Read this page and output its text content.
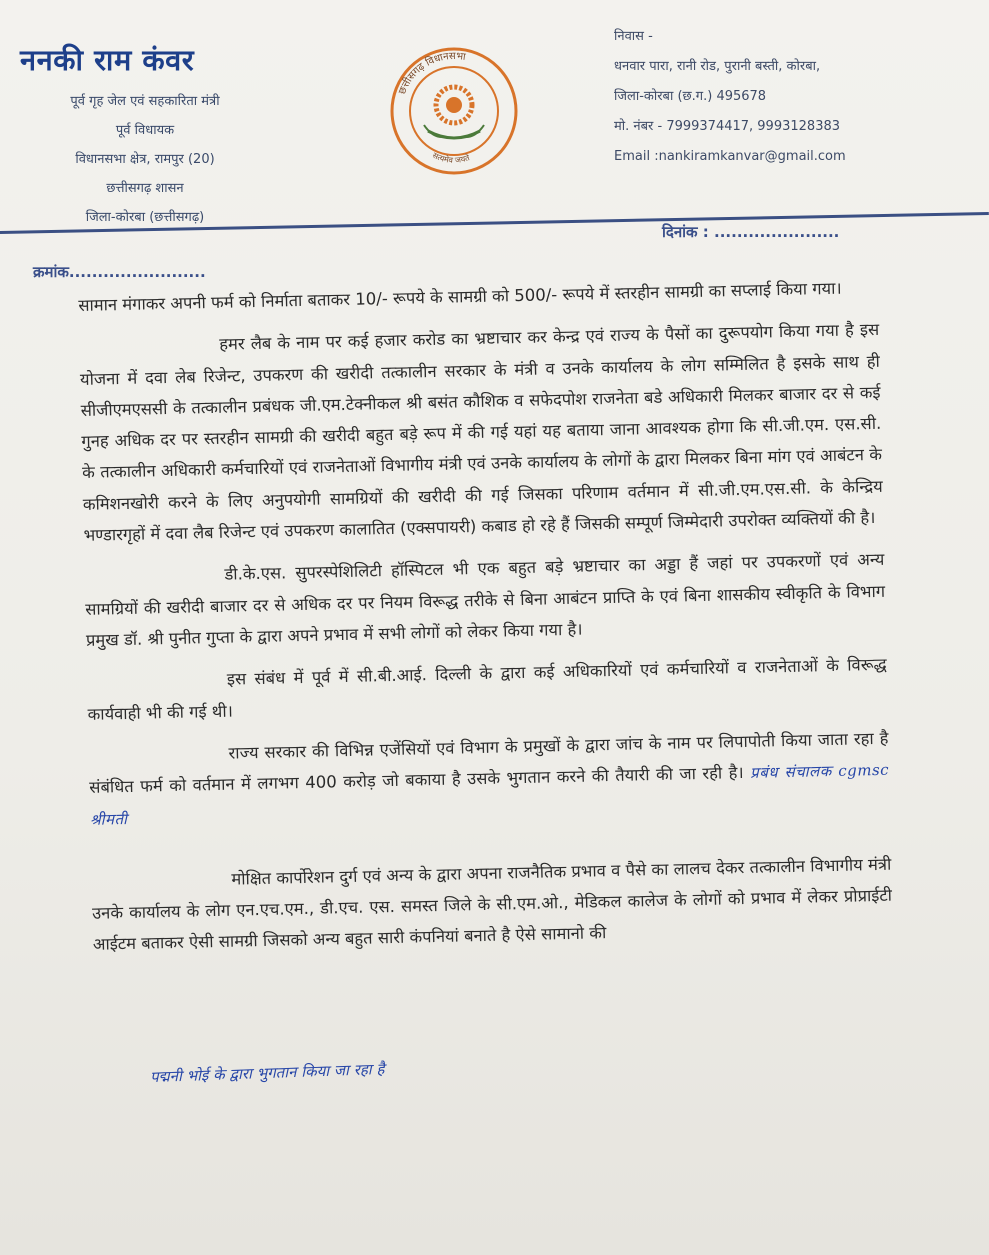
ननकी राम कंवर
पूर्व गृह जेल एवं सहकारिता मंत्री
पूर्व विधायक
विधानसभा क्षेत्र, रामपुर (20)
छत्तीसगढ़ शासन
जिला-कोरबा (छत्तीसगढ़)
छत्तीसगढ़ विधानसभा
सत्यमेव जयते
निवास -
धनवार पारा, रानी रोड, पुरानी बस्ती, कोरबा,
जिला-कोरबा (छ.ग.) 495678
मो. नंबर - 7999374417, 9993128383
Email :nankiramkanvar@gmail.com
दिनांक : ......................
क्रमांक........................

सामान मंगाकर अपनी फर्म को निर्माता बताकर 10/- रूपये के सामग्री को 500/- रूपये में स्तरहीन सामग्री का सप्लाई किया गया।

हमर लैब के नाम पर कई हजार करोड का भ्रष्टाचार कर केन्द्र एवं राज्य के पैसों का दुरूपयोग किया गया है इस योजना में दवा लेब रिजेन्ट, उपकरण की खरीदी तत्कालीन सरकार के मंत्री व उनके कार्यालय के लोग सम्मिलित है इसके साथ ही सीजीएमएससी के तत्कालीन प्रबंधक जी.एम.टेक्नीकल श्री बसंत कौशिक व सफेदपोश राजनेता बडे अधिकारी मिलकर बाजार दर से कई गुनह अधिक दर पर स्तरहीन सामग्री की खरीदी बहुत बड़े रूप में की गई यहां यह बताया जाना आवश्यक होगा कि सी.जी.एम. एस.सी. के तत्कालीन अधिकारी कर्मचारियों एवं राजनेताओं विभागीय मंत्री एवं उनके कार्यालय के लोगों के द्वारा मिलकर बिना मांग एवं आबंटन के कमिशनखोरी करने के लिए अनुपयोगी सामग्रियों की खरीदी की गई जिसका परिणाम वर्तमान में सी.जी.एम.एस.सी. के केन्द्रिय भण्डारगृहों में दवा लैब रिजेन्ट एवं उपकरण कालातित (एक्सपायरी) कबाड हो रहे हैं जिसकी सम्पूर्ण जिम्मेदारी उपरोक्त व्यक्तियों की है।

डी.के.एस. सुपरस्पेशिलिटी हॉस्पिटल भी एक बहुत बड़े भ्रष्टाचार का अड्डा हैं जहां पर उपकरणों एवं अन्य सामग्रियों की खरीदी बाजार दर से अधिक दर पर नियम विरूद्ध तरीके से बिना आबंटन प्राप्ति के एवं बिना शासकीय स्वीकृति के विभाग प्रमुख डॉ. श्री पुनीत गुप्ता के द्वारा अपने प्रभाव में सभी लोगों को लेकर किया गया है।

इस संबंध में पूर्व में सी.बी.आई. दिल्ली के द्वारा कई अधिकारियों एवं कर्मचारियों व राजनेताओं के विरूद्ध कार्यवाही भी की गई थी।

राज्य सरकार की विभिन्न एजेंसियों एवं विभाग के प्रमुखों के द्वारा जांच के नाम पर लिपापोती किया जाता रहा है संबंधित फर्म को वर्तमान में लगभग 400 करोड़ जो बकाया है उसके भुगतान करने की तैयारी की जा रही है। प्रबंध संचालक cgmsc श्रीमती

मोक्षित कार्पोरेशन दुर्ग एवं अन्य के द्वारा अपना राजनैतिक प्रभाव व पैसे का लालच देकर तत्कालीन विभागीय मंत्री उनके कार्यालय के लोग एन.एच.एम., डी.एच. एस. समस्त जिले के सी.एम.ओ., मेडिकल कालेज के लोगों को प्रभाव में लेकर प्रोप्राईटी आईटम बताकर ऐसी सामग्री जिसको अन्य बहुत सारी कंपनियां बनाते है ऐसे सामानो की

पद्मनी भोई के द्वारा भुगतान किया जा रहा है
